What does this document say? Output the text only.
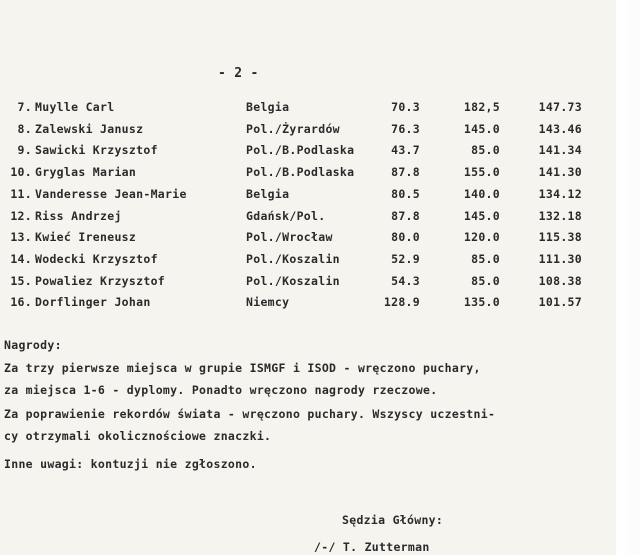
- 2 -
7. Muylle Carl	Belgia	70.3	182,5	147.73
8. Zalewski Janusz	Pol./Żyrardów	76.3	145.0	143.46
9. Sawicki Krzysztof	Pol./B.Podlaska	43.7	85.0	141.34
10. Gryglas Marian	Pol./B.Podlaska	87.8	155.0	141.30
11. Vanderesse Jean-Marie	Belgia	80.5	140.0	134.12
12. Riss Andrzej	Gdańsk/Pol.	87.8	145.0	132.18
13. Kwieć Ireneusz	Pol./Wrocław	80.0	120.0	115.38
14. Wodecki Krzysztof	Pol./Koszalin	52.9	85.0	111.30
15. Powaliez Krzysztof	Pol./Koszalin	54.3	85.0	108.38
16. Dorflinger Johan	Niemcy	128.9	135.0	101.57
Nagrody:
Za trzy pierwsze miejsca w grupie ISMGF i ISOD - wręczono puchary,
za miejsca 1-6 - dyplomy. Ponadto wręczono nagrody rzeczowe.
Za poprawienie rekordów świata - wręczono puchary. Wszyscy uczestni-
cy otrzymali okolicznościowe znaczki.
Inne uwagi: kontuzji nie zgłoszono.
Sędzia Główny:
/-/ T. Zutterman
